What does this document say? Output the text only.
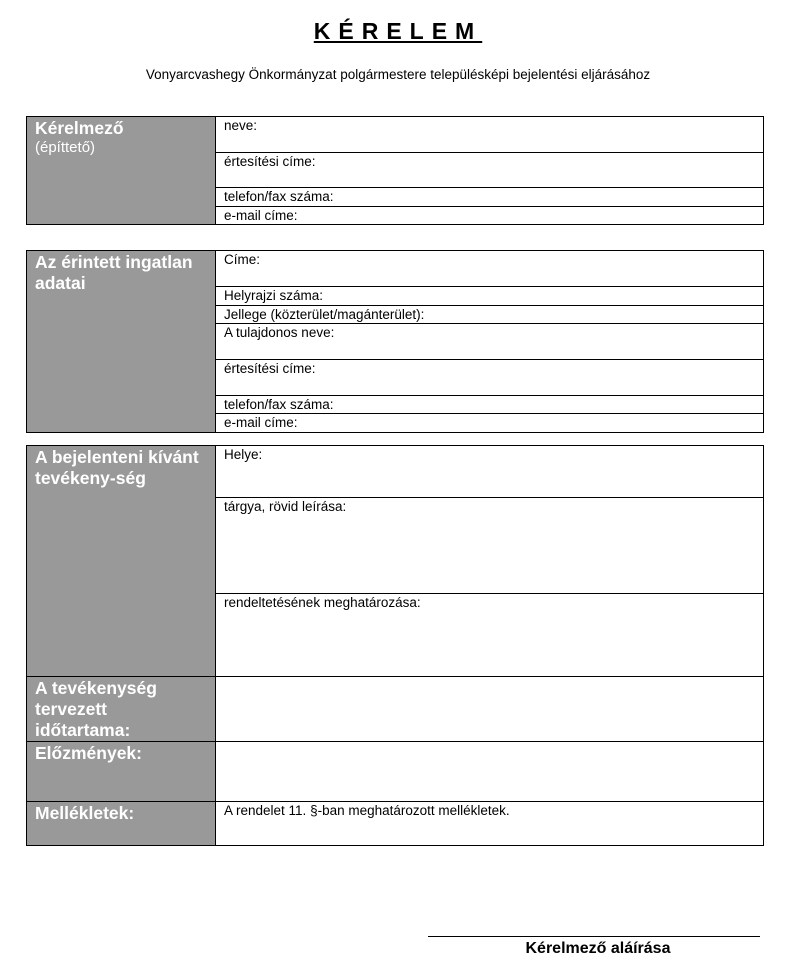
KÉRELEM
Vonyarcvashegy Önkormányzat polgármestere településképi bejelentési eljárásához
Kérelmező
(építtető)
	neve:
értesítési címe:
telefon/fax száma:
e-mail címe:
Az érintett ingatlan adatai	Címe:
Helyrajzi száma:
Jellege (közterület/magánterület):
A tulajdonos neve:
értesítési címe:
telefon/fax száma:
e-mail címe:
A bejelenteni kívánt tevékeny-ség	Helye:
	tárgya, rövid leírása:
	rendeltetésének meghatározása:
A tevékenység tervezett időtartama:	
Előzmények:	
Mellékletek:	A rendelet 11. §-ban meghatározott mellékletek.
Kérelmező aláírása
